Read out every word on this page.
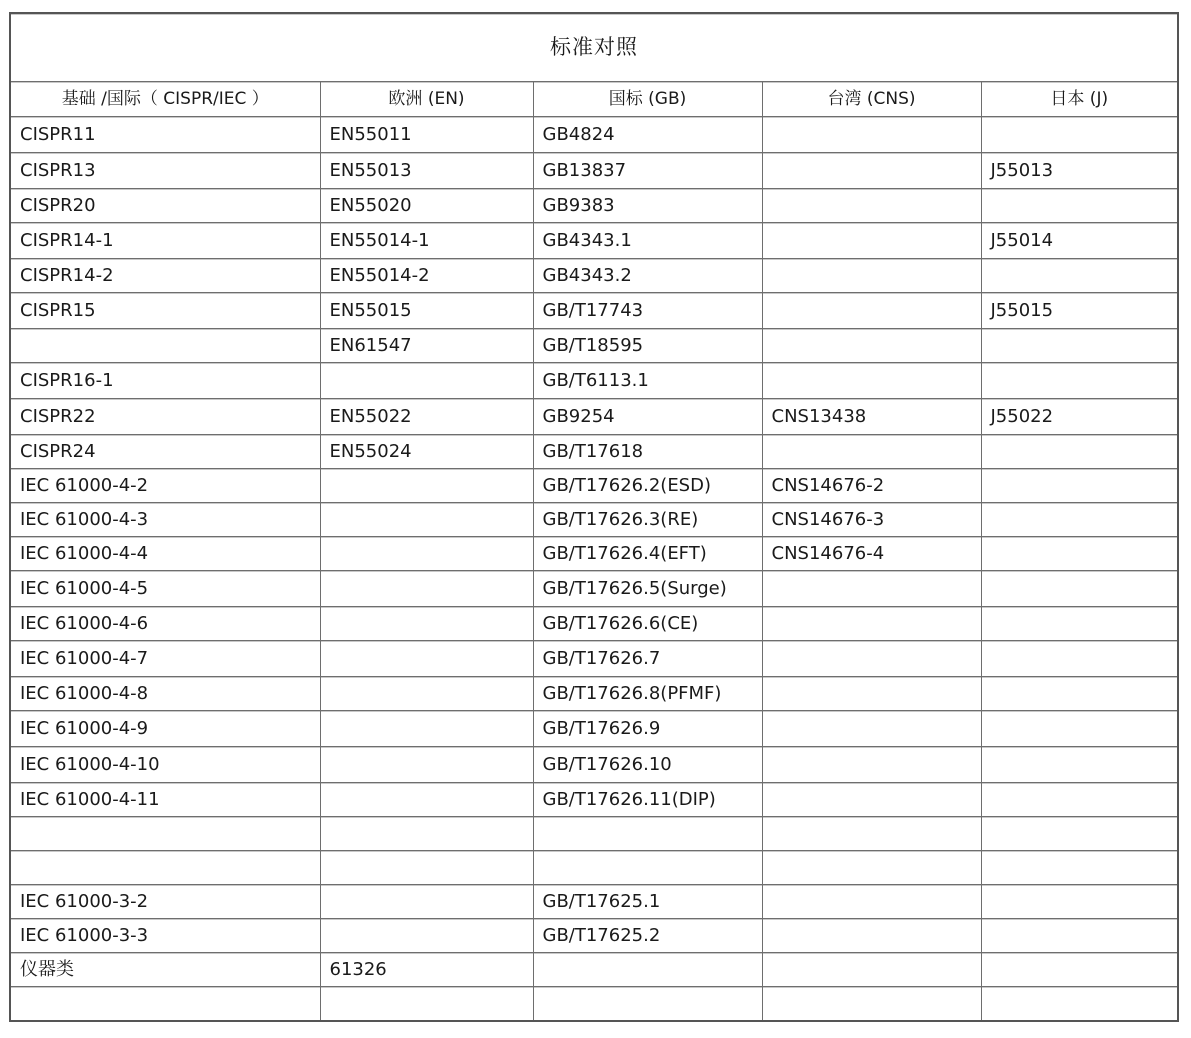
标准对照				
基础 /国际（ CISPR/IEC ）	欧洲 (EN)	国标 (GB)	台湾 (CNS)	日本 (J)
CISPR11	EN55011	GB4824		
CISPR13	EN55013	GB13837		J55013
CISPR20	EN55020	GB9383		
CISPR14-1	EN55014-1	GB4343.1		J55014
CISPR14-2	EN55014-2	GB4343.2		
CISPR15	EN55015	GB/T17743		J55015
	EN61547	GB/T18595		
CISPR16-1		GB/T6113.1		
CISPR22	EN55022	GB9254	CNS13438	J55022
CISPR24	EN55024	GB/T17618		
IEC 61000-4-2		GB/T17626.2(ESD)	CNS14676-2	
IEC 61000-4-3		GB/T17626.3(RE)	CNS14676-3	
IEC 61000-4-4		GB/T17626.4(EFT)	CNS14676-4	
IEC 61000-4-5		GB/T17626.5(Surge)		
IEC 61000-4-6		GB/T17626.6(CE)		
IEC 61000-4-7		GB/T17626.7		
IEC 61000-4-8		GB/T17626.8(PFMF)		
IEC 61000-4-9		GB/T17626.9		
IEC 61000-4-10		GB/T17626.10		
IEC 61000-4-11		GB/T17626.11(DIP)		

IEC 61000-3-2		GB/T17625.1		
IEC 61000-3-3		GB/T17625.2		
仪器类	61326			
